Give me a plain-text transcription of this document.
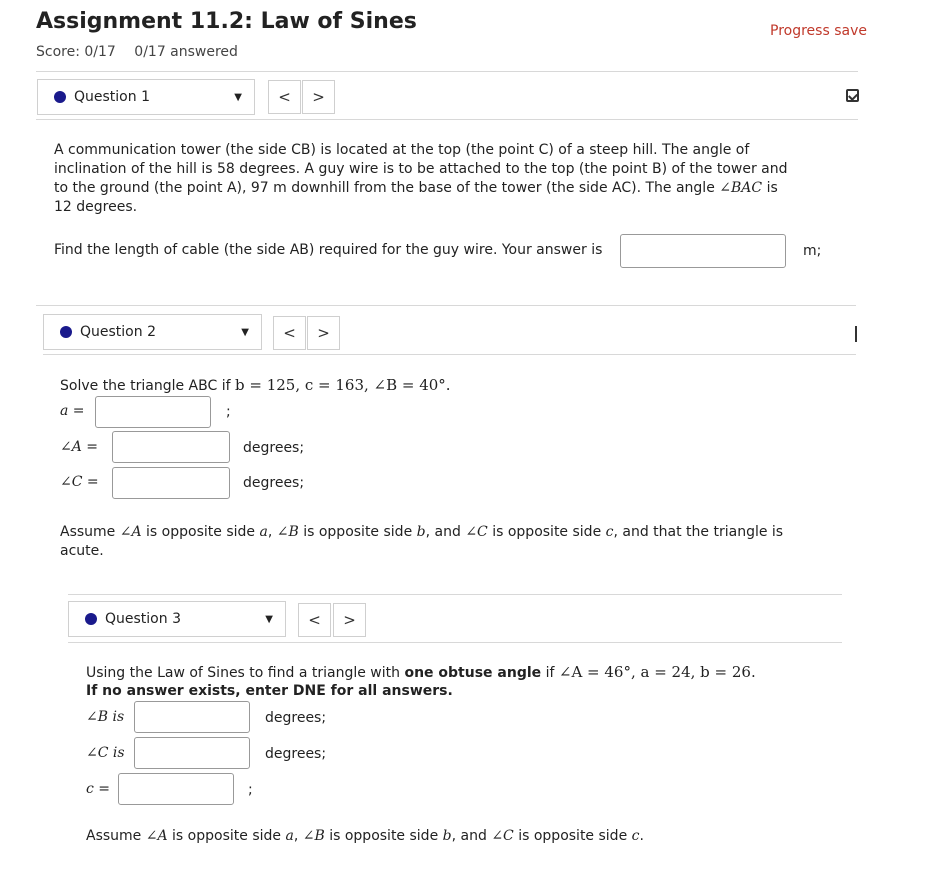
Assignment 11.2: Law of Sines
Score: 0/17 0/17 answered
Progress save
Question 1	▼	<	>
A communication tower (the side CB) is located at the top (the point C) of a steep hill. The angle of
inclination of the hill is 58 degrees. A guy wire is to be attached to the top (the point B) of the tower and
to the ground (the point A), 97 m downhill from the base of the tower (the side AC). The angle ∠BAC is
12 degrees.
Find the length of cable (the side AB) required for the guy wire. Your answer is	m;
Question 2	▼	<	>
Solve the triangle ABC if b = 125, c = 163, ∠B = 40°.
a =	;
∠A =	degrees;
∠C =	degrees;
Assume ∠A is opposite side a, ∠B is opposite side b, and ∠C is opposite side c, and that the triangle is
acute.
Question 3	▼	<	>
Using the Law of Sines to find a triangle with one obtuse angle if ∠A = 46°, a = 24, b = 26.
If no answer exists, enter DNE for all answers.
∠B is	degrees;
∠C is	degrees;
c =	;
Assume ∠A is opposite side a, ∠B is opposite side b, and ∠C is opposite side c.
